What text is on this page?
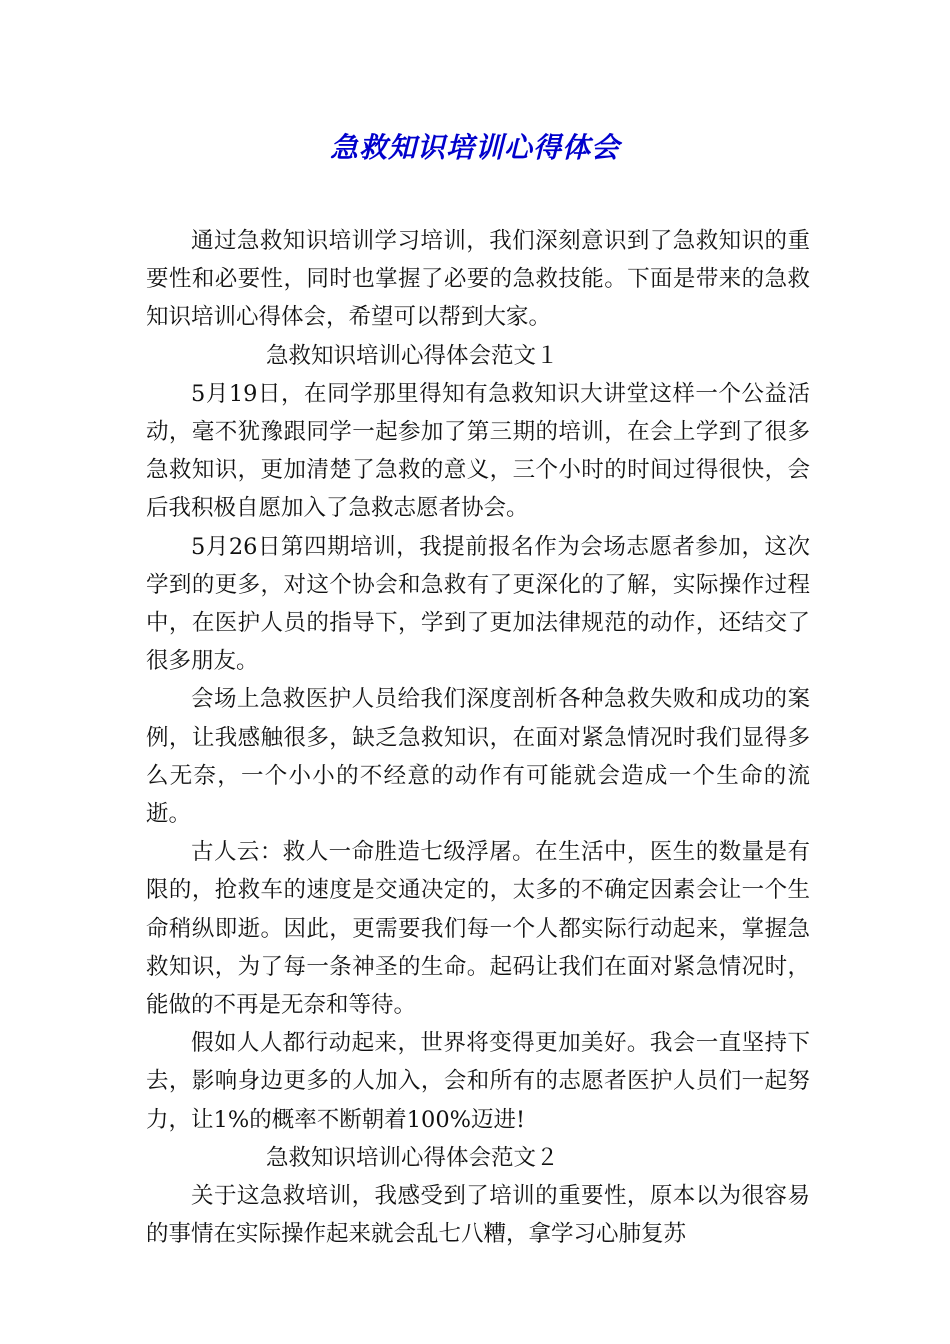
急救知识培训心得体会

通过急救知识培训学习培训，我们深刻意识到了急救知识的重要性和必要性，同时也掌握了必要的急救技能。下面是带来的急救知识培训心得体会，希望可以帮到大家。

急救知识培训心得体会范文１

5月19日，在同学那里得知有急救知识大讲堂这样一个公益活动，毫不犹豫跟同学一起参加了第三期的培训，在会上学到了很多急救知识，更加清楚了急救的意义，三个小时的时间过得很快，会后我积极自愿加入了急救志愿者协会。

5月26日第四期培训，我提前报名作为会场志愿者参加，这次学到的更多，对这个协会和急救有了更深化的了解，实际操作过程中，在医护人员的指导下，学到了更加法律规范的动作，还结交了很多朋友。

会场上急救医护人员给我们深度剖析各种急救失败和成功的案例，让我感触很多，缺乏急救知识，在面对紧急情况时我们显得多么无奈，一个小小的不经意的动作有可能就会造成一个生命的流逝。

古人云：救人一命胜造七级浮屠。在生活中，医生的数量是有限的，抢救车的速度是交通决定的，太多的不确定因素会让一个生命稍纵即逝。因此，更需要我们每一个人都实际行动起来，掌握急救知识，为了每一条神圣的生命。起码让我们在面对紧急情况时，能做的不再是无奈和等待。

假如人人都行动起来，世界将变得更加美好。我会一直坚持下去，影响身边更多的人加入，会和所有的志愿者医护人员们一起努力，让1%的概率不断朝着100%迈进!

急救知识培训心得体会范文２

关于这急救培训，我感受到了培训的重要性，原本以为很容易的事情在实际操作起来就会乱七八糟，拿学习心肺复苏
